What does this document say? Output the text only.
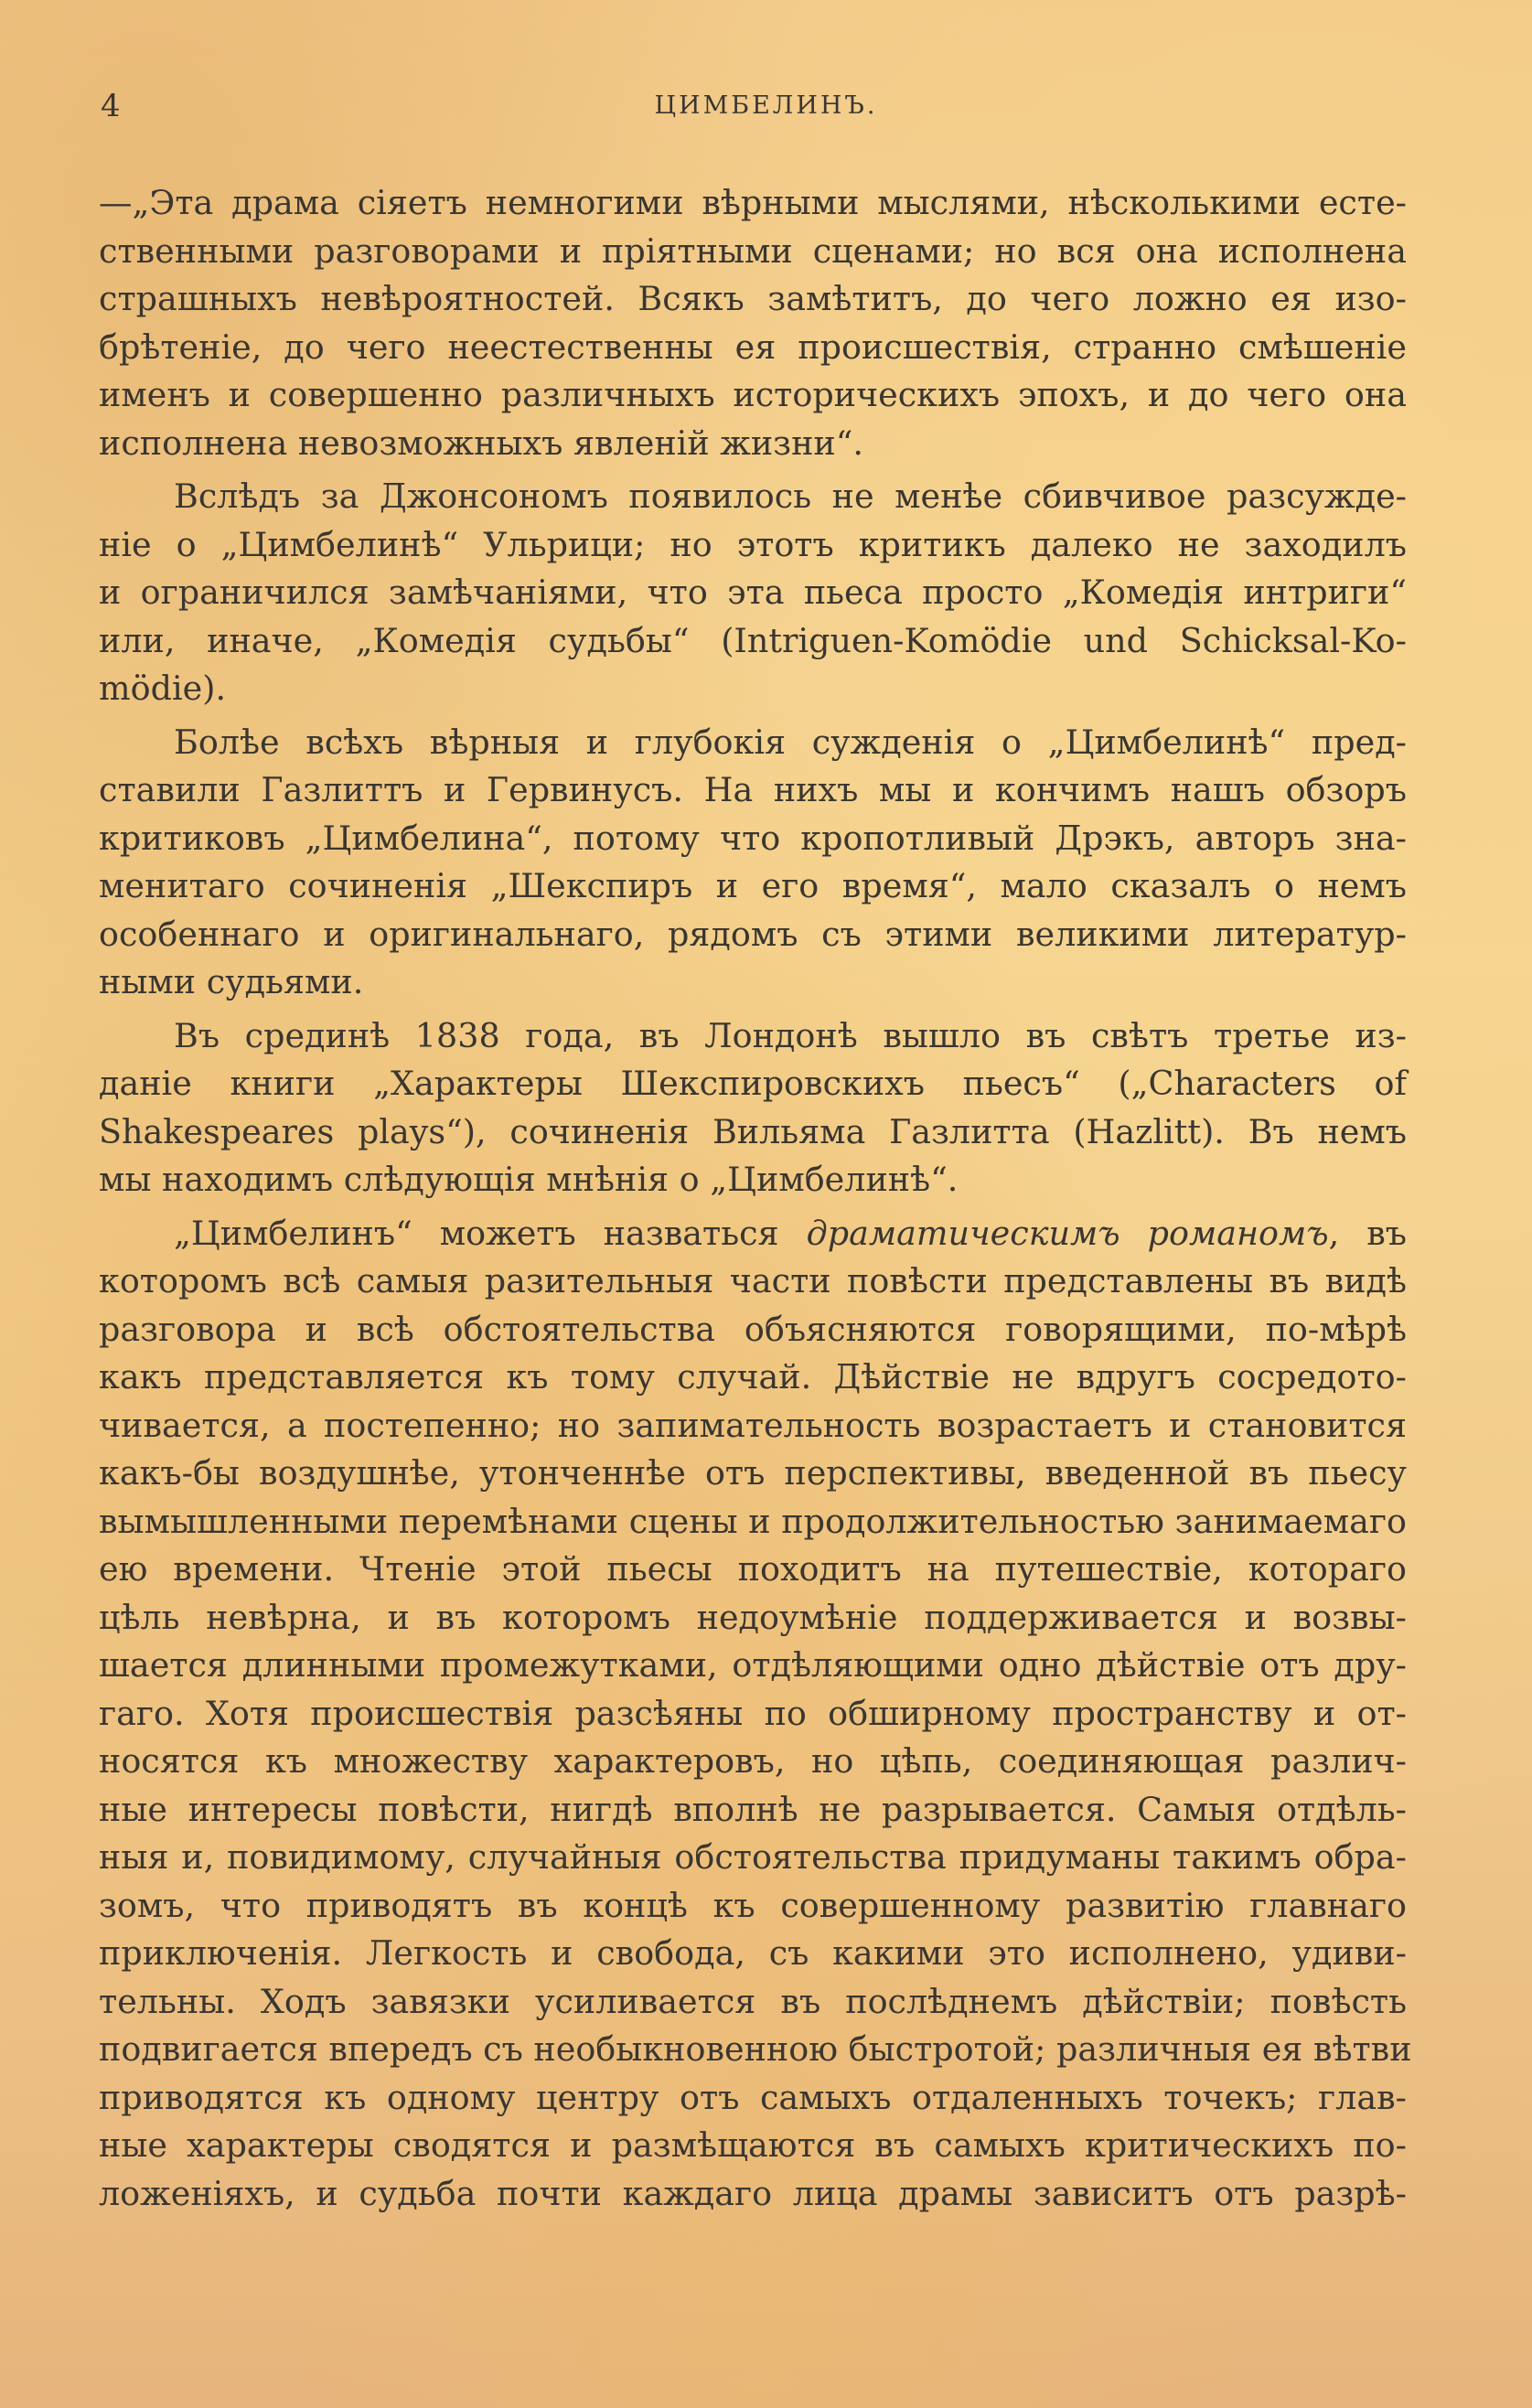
4	ЦИМБЕЛИНЪ.
—„Эта драма сіяетъ немногими вѣрными мыслями, нѣсколькими есте-
ственными разговорами и пріятными сценами; но вся она исполнена
страшныхъ невѣроятностей. Всякъ замѣтитъ, до чего ложно ея изо-
брѣтеніе, до чего неестественны ея происшествія, странно смѣшеніе
именъ и совершенно различныхъ историческихъ эпохъ, и до чего она
исполнена невозможныхъ явленій жизни“.
Вслѣдъ за Джонсономъ появилось не менѣе сбивчивое разсужде-
ніе о „Цимбелинѣ“ Ульрици; но этотъ критикъ далеко не заходилъ
и ограничился замѣчаніями, что эта пьеса просто „Комедія интриги“
или, иначе, „Комедія судьбы“ (Intriguen-Komödie und Schicksal-Ko-
mödie).
Болѣе всѣхъ вѣрныя и глубокія сужденія о „Цимбелинѣ“ пред-
ставили Газлиттъ и Гервинусъ. На нихъ мы и кончимъ нашъ обзоръ
критиковъ „Цимбелина“, потому что кропотливый Дрэкъ, авторъ зна-
менитаго сочиненія „Шекспиръ и его время“, мало сказалъ о немъ
особеннаго и оригинальнаго, рядомъ съ этими великими литератур-
ными судьями.
Въ срединѣ 1838 года, въ Лондонѣ вышло въ свѣтъ третье из-
даніе книги „Характеры Шекспировскихъ пьесъ“ („Characters of
Shakespeares plays“), сочиненія Вильяма Газлитта (Hazlitt). Въ немъ
мы находимъ слѣдующія мнѣнія о „Цимбелинѣ“.
„Цимбелинъ“ можетъ назваться драматическимъ романомъ, въ
которомъ всѣ самыя разительныя части повѣсти представлены въ видѣ
разговора и всѣ обстоятельства объясняются говорящими, по-мѣрѣ
какъ представляется къ тому случай. Дѣйствіе не вдругъ сосредото-
чивается, а постепенно; но запимательность возрастаетъ и становится
какъ-бы воздушнѣе, утонченнѣе отъ перспективы, введенной въ пьесу
вымышленными перемѣнами сцены и продолжительностью занимаемаго
ею времени. Чтеніе этой пьесы походитъ на путешествіе, котораго
цѣль невѣрна, и въ которомъ недоумѣніе поддерживается и возвы-
шается длинными промежутками, отдѣляющими одно дѣйствіе отъ дру-
гаго. Хотя происшествія разсѣяны по обширному пространству и от-
носятся къ множеству характеровъ, но цѣпь, соединяющая различ-
ные интересы повѣсти, нигдѣ вполнѣ не разрывается. Самыя отдѣль-
ныя и, повидимому, случайныя обстоятельства придуманы такимъ обра-
зомъ, что приводятъ въ концѣ къ совершенному развитію главнаго
приключенія. Легкость и свобода, съ какими это исполнено, удиви-
тельны. Ходъ завязки усиливается въ послѣднемъ дѣйствіи; повѣсть
подвигается впередъ съ необыкновенною быстротой; различныя ея вѣтви
приводятся къ одному центру отъ самыхъ отдаленныхъ точекъ; глав-
ные характеры сводятся и размѣщаются въ самыхъ критическихъ по-
ложеніяхъ, и судьба почти каждаго лица драмы зависитъ отъ разрѣ-
